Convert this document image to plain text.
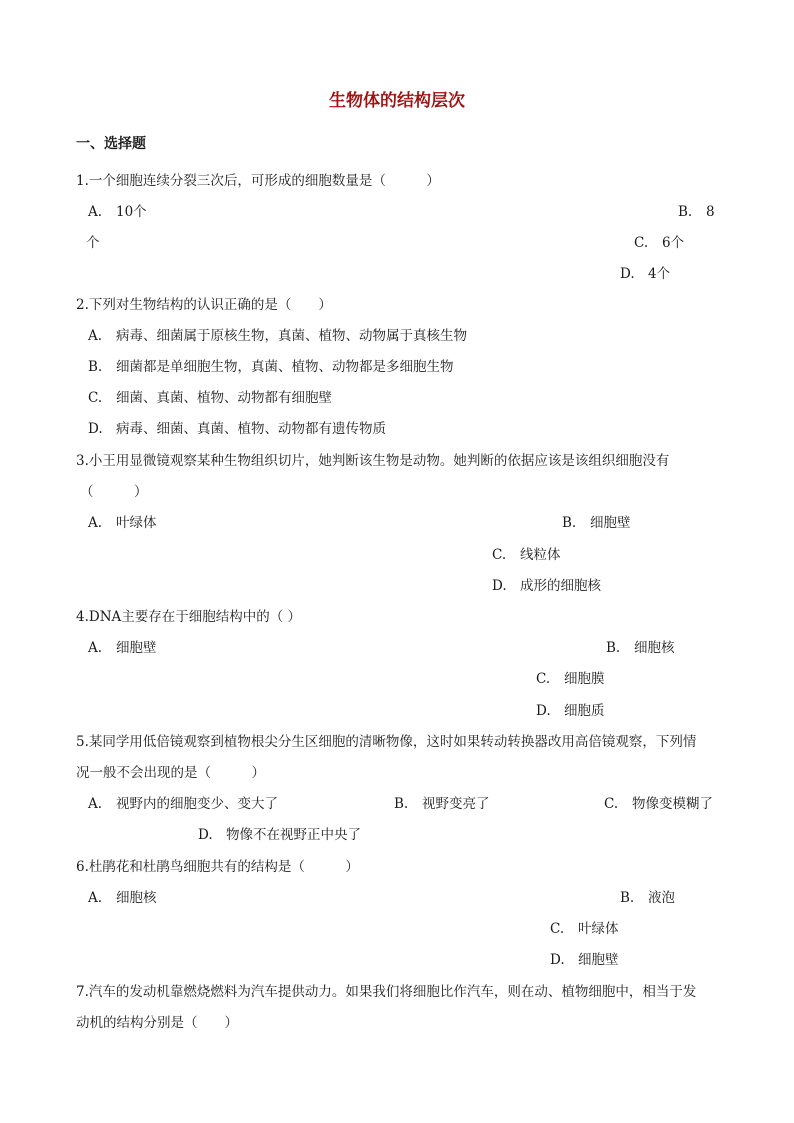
生物体的结构层次
一、选择题
1.一个细胞连续分裂三次后，可形成的细胞数量是（　　　）
A. 10个	B. 8
个	C. 6个
D. 4个
2.下列对生物结构的认识正确的是（　　）
A. 病毒、细菌属于原核生物，真菌、植物、动物属于真核生物
B. 细菌都是单细胞生物，真菌、植物、动物都是多细胞生物
C. 细菌、真菌、植物、动物都有细胞壁
D. 病毒、细菌、真菌、植物、动物都有遗传物质
3.小王用显微镜观察某种生物组织切片，她判断该生物是动物。她判断的依据应该是该组织细胞没有
（　　　）
A. 叶绿体	B. 细胞壁
C. 线粒体
D. 成形的细胞核
4.DNA主要存在于细胞结构中的（ ）
A. 细胞壁	B. 细胞核
C. 细胞膜
D. 细胞质
5.某同学用低倍镜观察到植物根尖分生区细胞的清晰物像，这时如果转动转换器改用高倍镜观察，下列情
况一般不会出现的是（　　　）
A. 视野内的细胞变少、变大了	B. 视野变亮了	C. 物像变模糊了
D. 物像不在视野正中央了
6.杜鹃花和杜鹃鸟细胞共有的结构是（　　　）
A. 细胞核	B. 液泡
C. 叶绿体
D. 细胞壁
7.汽车的发动机靠燃烧燃料为汽车提供动力。如果我们将细胞比作汽车，则在动、植物细胞中，相当于发
动机的结构分别是（　　）
